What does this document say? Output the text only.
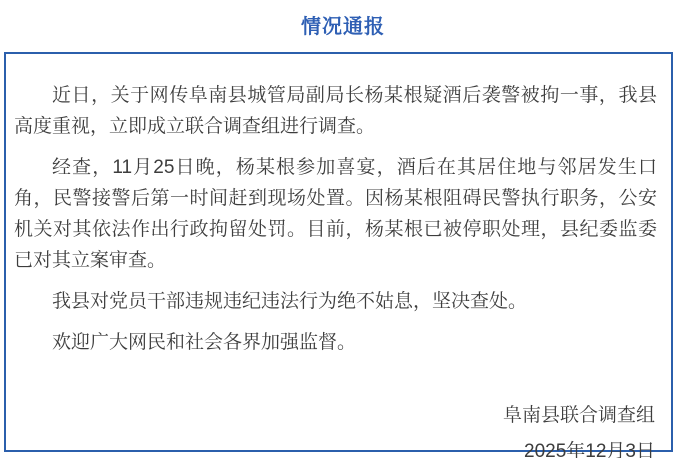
情况通报

近日，关于网传阜南县城管局副局长杨某根疑酒后袭警被拘一事，我县高度重视，立即成立联合调查组进行调查。

经查，11月25日晚，杨某根参加喜宴，酒后在其居住地与邻居发生口角，民警接警后第一时间赶到现场处置。因杨某根阻碍民警执行职务，公安机关对其依法作出行政拘留处罚。目前，杨某根已被停职处理，县纪委监委已对其立案审查。

我县对党员干部违规违纪违法行为绝不姑息，坚决查处。

欢迎广大网民和社会各界加强监督。

阜南县联合调查组
2025年12月3日
